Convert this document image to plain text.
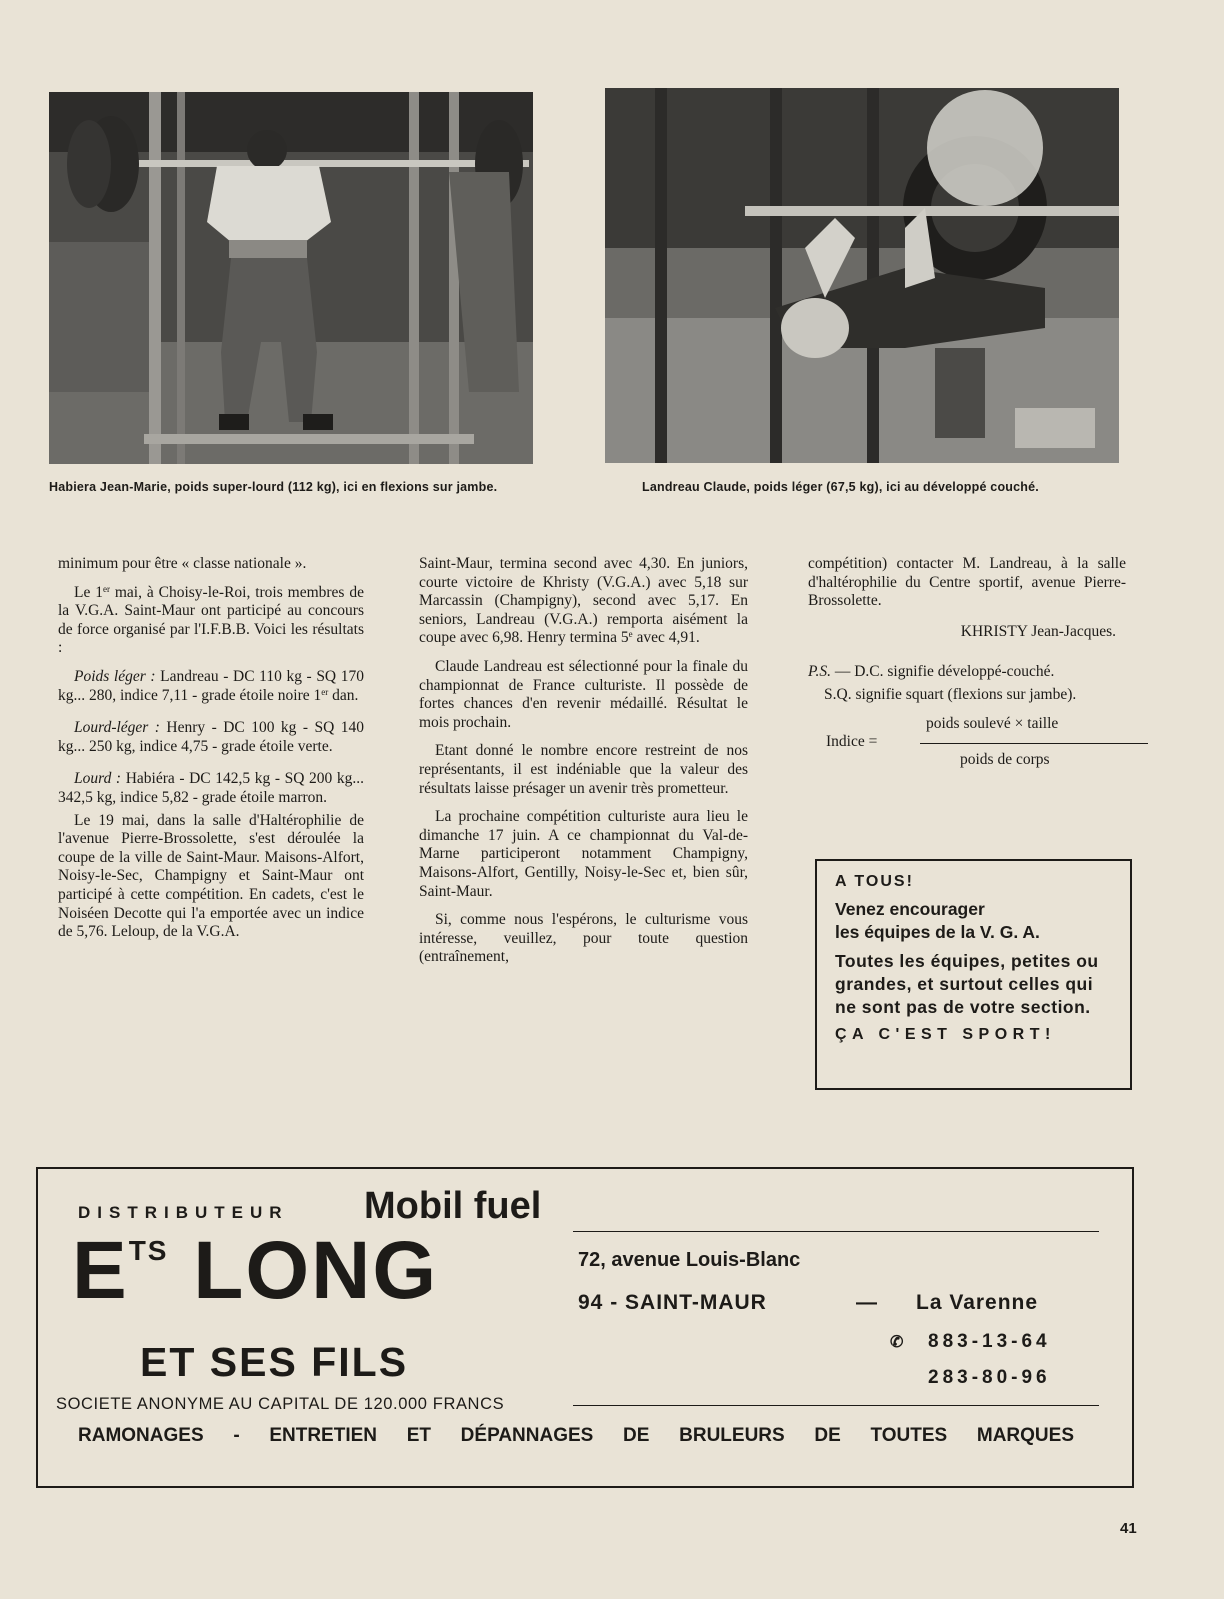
Habiera Jean-Marie, poids super-lourd (112 kg), ici en flexions sur jambe.	Landreau Claude, poids léger (67,5 kg), ici au développé couché.

minimum pour être « classe nationale ».

Le 1er mai, à Choisy-le-Roi, trois membres de la V.G.A. Saint-Maur ont participé au concours de force organisé par l'I.F.B.B. Voici les résultats :

Poids léger : Landreau - DC 110 kg - SQ 170 kg... 280, indice 7,11 - grade étoile noire 1er dan.

Lourd-léger : Henry - DC 100 kg - SQ 140 kg... 250 kg, indice 4,75 - grade étoile verte.

Lourd : Habiéra - DC 142,5 kg - SQ 200 kg... 342,5 kg, indice 5,82 - grade étoile marron.

Le 19 mai, dans la salle d'Haltérophilie de l'avenue Pierre-Brossolette, s'est déroulée la coupe de la ville de Saint-Maur. Maisons-Alfort, Noisy-le-Sec, Champigny et Saint-Maur ont participé à cette compétition. En cadets, c'est le Noiséen Decotte qui l'a emportée avec un indice de 5,76. Leloup, de la V.G.A.

Saint-Maur, termina second avec 4,30. En juniors, courte victoire de Khristy (V.G.A.) avec 5,18 sur Marcassin (Champigny), second avec 5,17. En seniors, Landreau (V.G.A.) remporta aisément la coupe avec 6,98. Henry termina 5e avec 4,91.

Claude Landreau est sélectionné pour la finale du championnat de France culturiste. Il possède de fortes chances d'en revenir médaillé. Résultat le mois prochain.

Etant donné le nombre encore restreint de nos représentants, il est indéniable que la valeur des résultats laisse présager un avenir très prometteur.

La prochaine compétition culturiste aura lieu le dimanche 17 juin. A ce championnat du Val-de-Marne participeront notamment Champigny, Maisons-Alfort, Gentilly, Noisy-le-Sec et, bien sûr, Saint-Maur.

Si, comme nous l'espérons, le culturisme vous intéresse, veuillez, pour toute question (entraînement,

compétition) contacter M. Landreau, à la salle d'haltérophilie du Centre sportif, avenue Pierre-Brossolette.

KHRISTY Jean-Jacques.

P.S. — D.C. signifie développé-couché.

S.Q. signifie squart (flexions sur jambe).

Indice =
poids soulevé × taille
poids de corps
A TOUS!
Venez encourager
les équipes de la V. G. A.
Toutes les équipes, petites ou grandes, et surtout celles qui ne sont pas de votre section.
ÇA C'EST SPORT!
DISTRIBUTEUR Mobil fuel
$E^{TS}$ LONG
ET SES FILS
SOCIETE ANONYME AU CAPITAL DE 120.000 FRANCS
72, avenue Louis-Blanc
94 - SAINT-MAUR	— La Varenne
✆ 883-13-64
283-80-96
RAMONAGES - ENTRETIEN ET DÉPANNAGES DE BRULEURS DE TOUTES MARQUES
41
